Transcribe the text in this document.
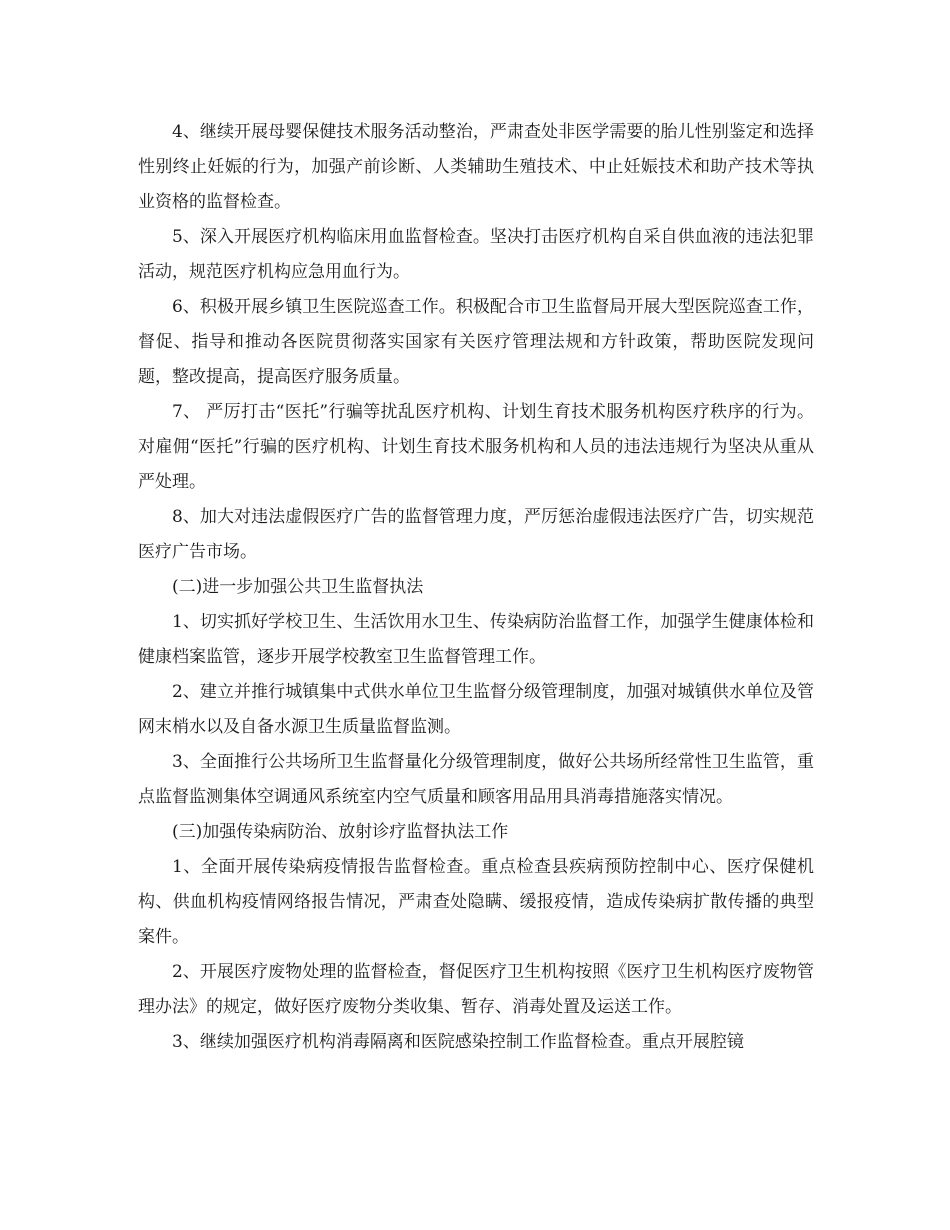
4、继续开展母婴保健技术服务活动整治，严肃查处非医学需要的胎儿性别鉴定和选择性别终止妊娠的行为，加强产前诊断、人类辅助生殖技术、中止妊娠技术和助产技术等执业资格的监督检查。

5、深入开展医疗机构临床用血监督检查。坚决打击医疗机构自采自供血液的违法犯罪活动，规范医疗机构应急用血行为。

6、积极开展乡镇卫生医院巡查工作。积极配合市卫生监督局开展大型医院巡查工作，督促、指导和推动各医院贯彻落实国家有关医疗管理法规和方针政策，帮助医院发现问题，整改提高，提高医疗服务质量。

7、 严厉打击“医托”行骗等扰乱医疗机构、计划生育技术服务机构医疗秩序的行为。对雇佣“医托”行骗的医疗机构、计划生育技术服务机构和人员的违法违规行为坚决从重从严处理。

8、加大对违法虚假医疗广告的监督管理力度，严厉惩治虚假违法医疗广告，切实规范医疗广告市场。

(二)进一步加强公共卫生监督执法

1、切实抓好学校卫生、生活饮用水卫生、传染病防治监督工作，加强学生健康体检和健康档案监管，逐步开展学校教室卫生监督管理工作。

2、建立并推行城镇集中式供水单位卫生监督分级管理制度，加强对城镇供水单位及管网末梢水以及自备水源卫生质量监督监测。

3、全面推行公共场所卫生监督量化分级管理制度，做好公共场所经常性卫生监管，重点监督监测集体空调通风系统室内空气质量和顾客用品用具消毒措施落实情况。

(三)加强传染病防治、放射诊疗监督执法工作

1、全面开展传染病疫情报告监督检查。重点检查县疾病预防控制中心、医疗保健机构、供血机构疫情网络报告情况，严肃查处隐瞒、缓报疫情，造成传染病扩散传播的典型案件。

2、开展医疗废物处理的监督检查，督促医疗卫生机构按照《医疗卫生机构医疗废物管理办法》的规定，做好医疗废物分类收集、暂存、消毒处置及运送工作。

3、继续加强医疗机构消毒隔离和医院感染控制工作监督检查。重点开展腔镜
